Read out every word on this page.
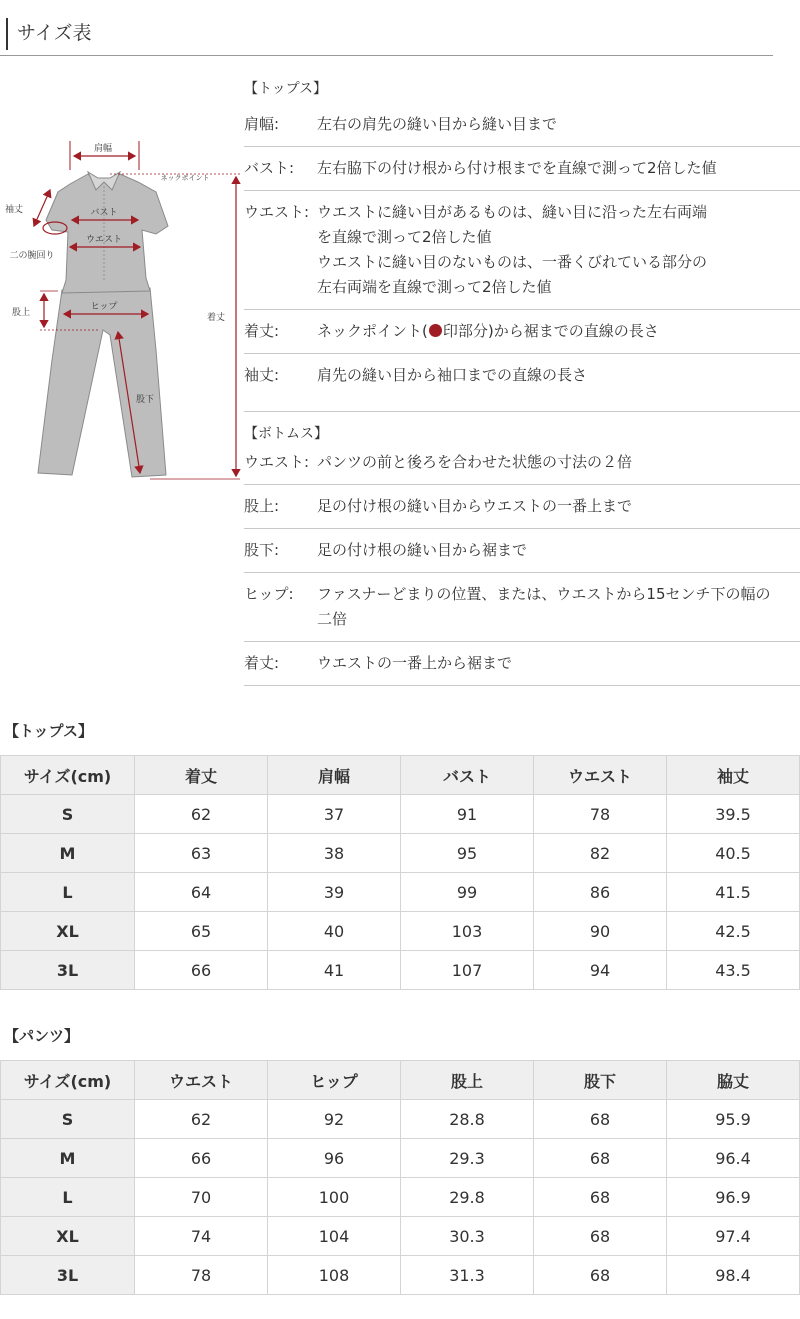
サイズ表
肩幅
ネックポイント
袖丈	バスト
ウエスト
二の腕回り
股上
ヒップ
股下
着丈
【トップス】
肩幅:	左右の肩先の縫い目から縫い目まで
バスト:	左右脇下の付け根から付け根までを直線で測って2倍した値
ウエスト: ウエストに縫い目があるものは、縫い目に沿った左右両端
を直線で測って2倍した値
ウエストに縫い目のないものは、一番くびれている部分の
左右両端を直線で測って2倍した値
着丈:	ネックポイント( 印部分)から裾までの直線の長さ
袖丈:	肩先の縫い目から袖口までの直線の長さ
【ボトムス】
ウエスト: パンツの前と後ろを合わせた状態の寸法の２倍
股上:	足の付け根の縫い目からウエストの一番上まで
股下:	足の付け根の縫い目から裾まで
ヒップ:	ファスナーどまりの位置、または、ウエストから15センチ下の幅の
二倍
着丈:	ウエストの一番上から裾まで
【トップス】
サイズ(cm)	着丈	肩幅	バスト	ウエスト	袖丈
S	62	37	91	78	39.5
M	63	38	95	82	40.5
L	64	39	99	86	41.5
XL	65	40	103	90	42.5
3L	66	41	107	94	43.5
【パンツ】
サイズ(cm)	ウエスト	ヒップ	股上	股下	脇丈
S	62	92	28.8	68	95.9
M	66	96	29.3	68	96.4
L	70	100	29.8	68	96.9
XL	74	104	30.3	68	97.4
3L	78	108	31.3	68	98.4
